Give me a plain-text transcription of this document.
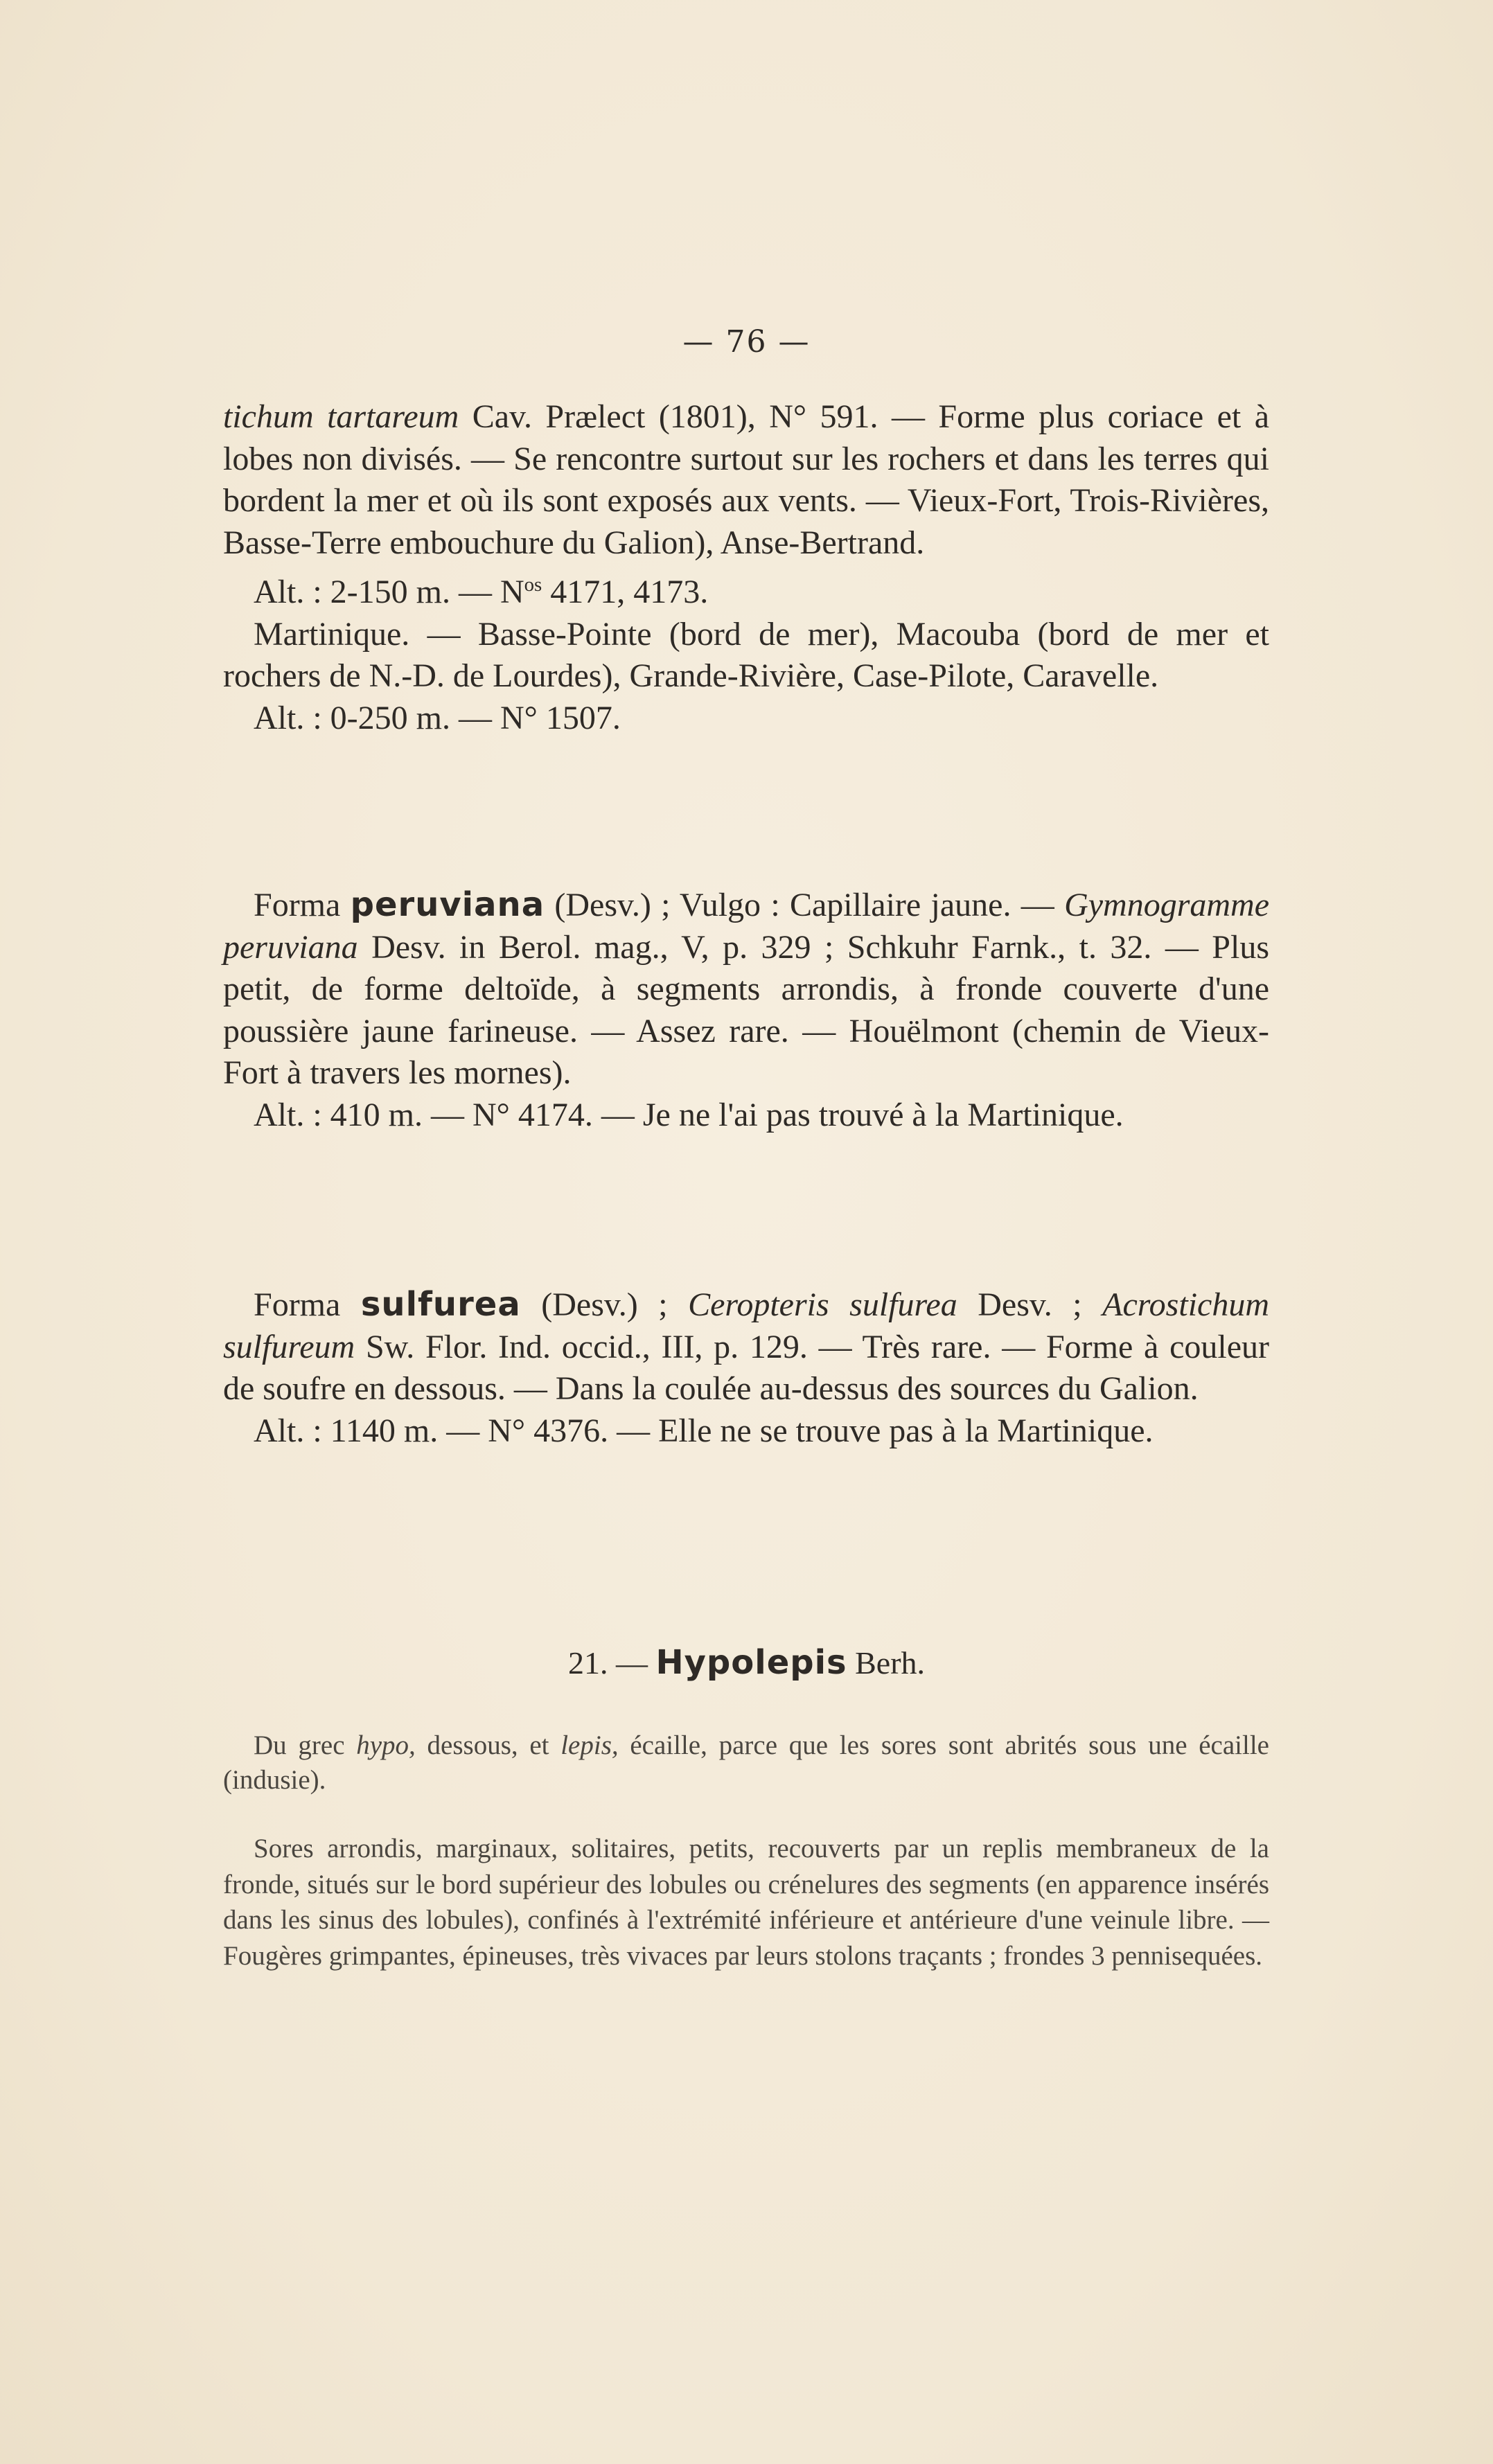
— 76 —

tichum tartareum Cav. Prælect (1801), N° 591. — Forme plus coriace et à lobes non divisés. — Se rencontre surtout sur les rochers et dans les terres qui bordent la mer et où ils sont exposés aux vents. — Vieux-Fort, Trois-Rivières, Basse-Terre embouchure du Galion), Anse-Bertrand.

Alt. : 2-150 m. — $N^{os}$ 4171, 4173.

Martinique. — Basse-Pointe (bord de mer), Macouba (bord de mer et rochers de N.-D. de Lourdes), Grande-Rivière, Case-Pilote, Caravelle.

Alt. : 0-250 m. — N° 1507.

Forma peruviana (Desv.) ; Vulgo : Capillaire jaune. — Gymnogramme peruviana Desv. in Berol. mag., V, p. 329 ; Schkuhr Farnk., t. 32. — Plus petit, de forme deltoïde, à segments arrondis, à fronde couverte d'une poussière jaune farineuse. — Assez rare. — Houëlmont (chemin de Vieux-Fort à travers les mornes).

Alt. : 410 m. — N° 4174. — Je ne l'ai pas trouvé à la Martinique.

Forma sulfurea (Desv.) ; Ceropteris sulfurea Desv. ; Acrostichum sulfureum Sw. Flor. Ind. occid., III, p. 129. — Très rare. — Forme à couleur de soufre en dessous. — Dans la coulée au-dessus des sources du Galion.

Alt. : 1140 m. — N° 4376. — Elle ne se trouve pas à la Martinique.

21. — Hypolepis Berh.

Du grec hypo, dessous, et lepis, écaille, parce que les sores sont abrités sous une écaille (indusie).

Sores arrondis, marginaux, solitaires, petits, recouverts par un replis membraneux de la fronde, situés sur le bord supérieur des lobules ou crénelures des segments (en apparence insérés dans les sinus des lobules), confinés à l'extrémité inférieure et antérieure d'une veinule libre. — Fougères grimpantes, épineuses, très vivaces par leurs stolons traçants ; frondes 3 pennisequées.
